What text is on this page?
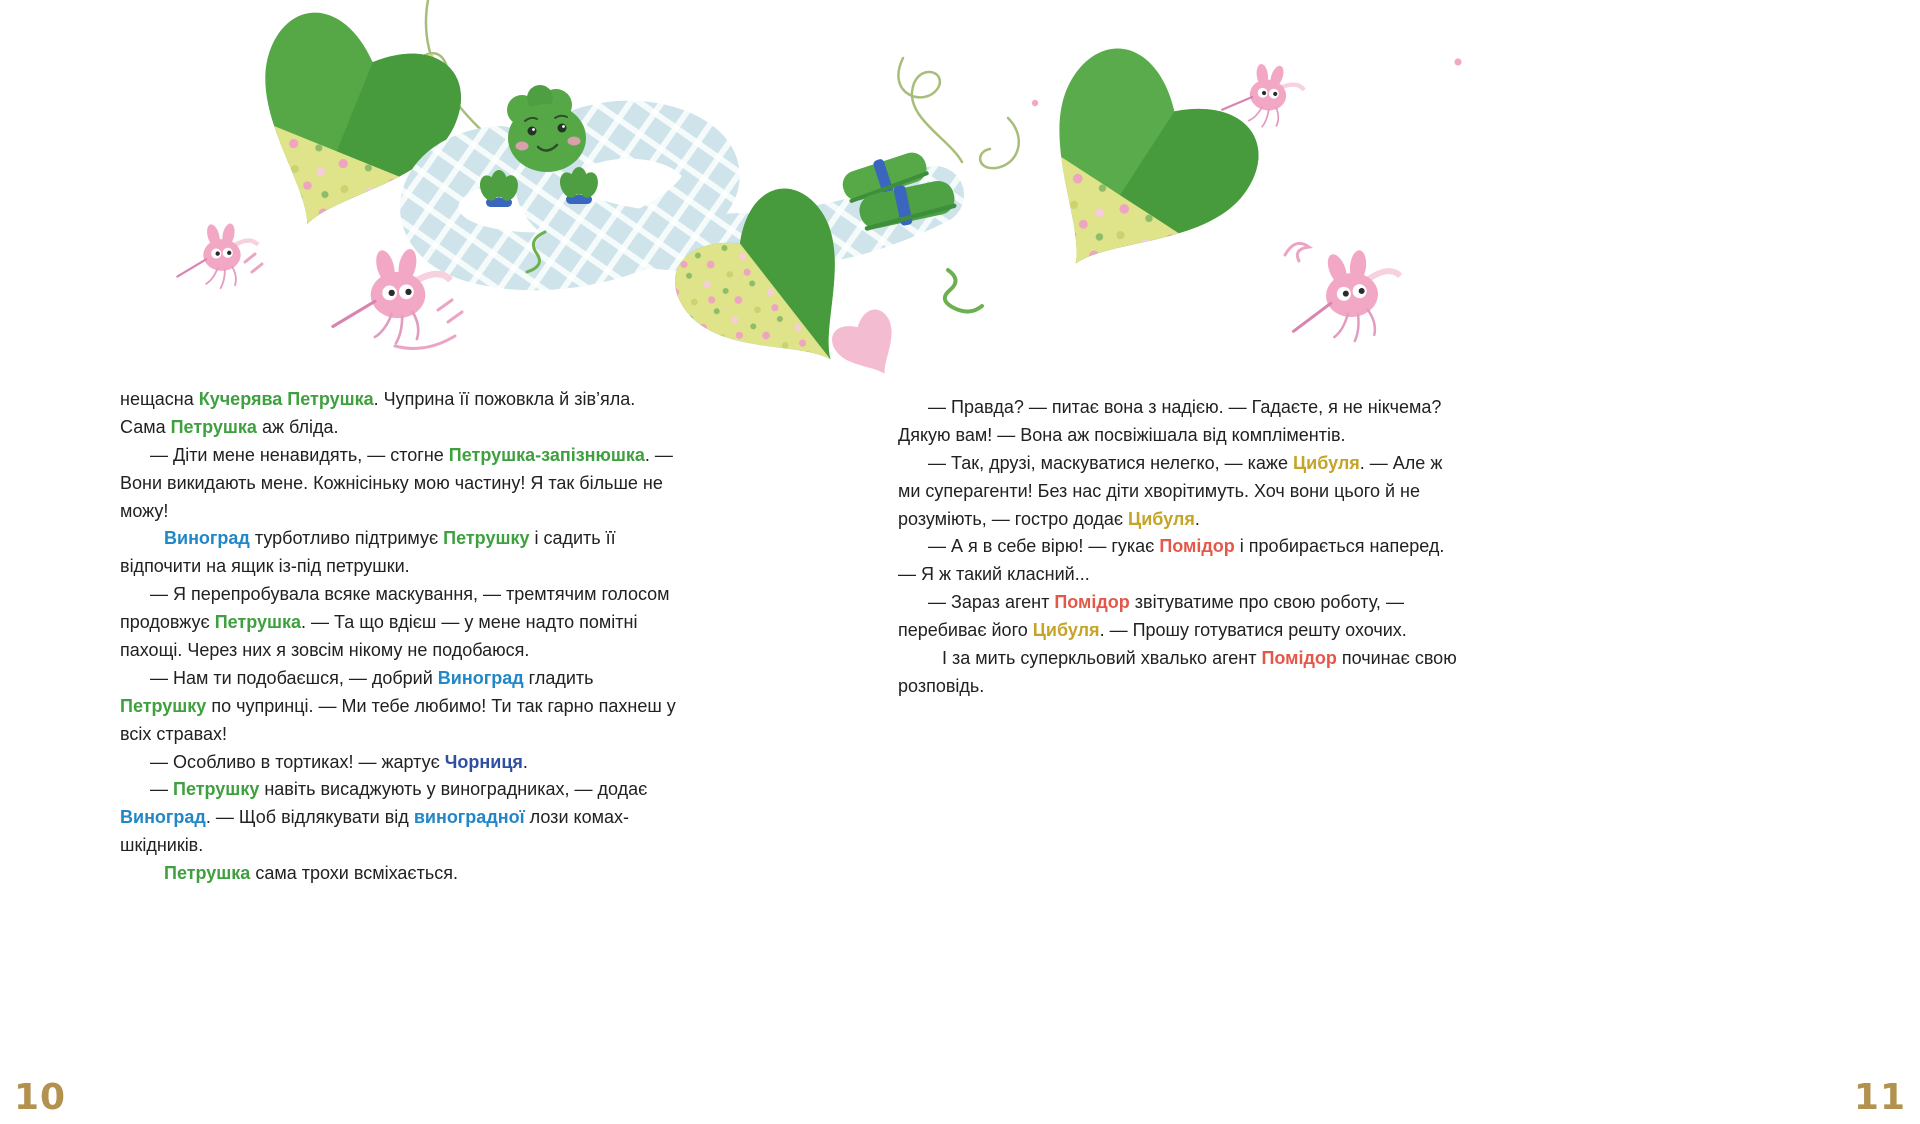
нещасна Кучерява Петрушка. Чуприна її пожовкла й зів’яла. Сама Петрушка аж бліда.

— Діти мене ненавидять, — стогне Петрушка-запізнюшка. — Вони викидають мене. Кожнісіньку мою частину! Я так більше не можу!

Виноград турботливо підтримує Петрушку і садить її відпочити на ящик із-під петрушки.

— Я перепробувала всяке маскування, — тремтячим голосом продовжує Петрушка. — Та що вдієш — у мене надто помітні пахощі. Через них я зовсім нікому не подобаюся.

— Нам ти подобаєшся, — добрий Виноград гладить Петрушку по чупринці. — Ми тебе любимо! Ти так гарно пахнеш у всіх стравах!

— Особливо в тортиках! — жартує Чорниця.

— Петрушку навіть висаджують у виноградниках, — додає Виноград. — Щоб відлякувати від виноградної лози комах-шкідників.

Петрушка сама трохи всміхається.

— Правда? — питає вона з надією. — Гадаєте, я не нікчема? Дякую вам! — Вона аж посвіжішала від компліментів.

— Так, друзі, маскуватися нелегко, — каже Цибуля. — Але ж ми суперагенти! Без нас діти хворітимуть. Хоч вони цього й не розуміють, — гостро додає Цибуля.

— А я в себе вірю! — гукає Помідор і пробирається наперед. — Я ж такий класний...

— Зараз агент Помідор звітуватиме про свою роботу, — перебиває його Цибуля. — Прошу готуватися решту охочих.

І за мить суперкльовий хвалько агент Помідор починає свою розповідь.

10	11
